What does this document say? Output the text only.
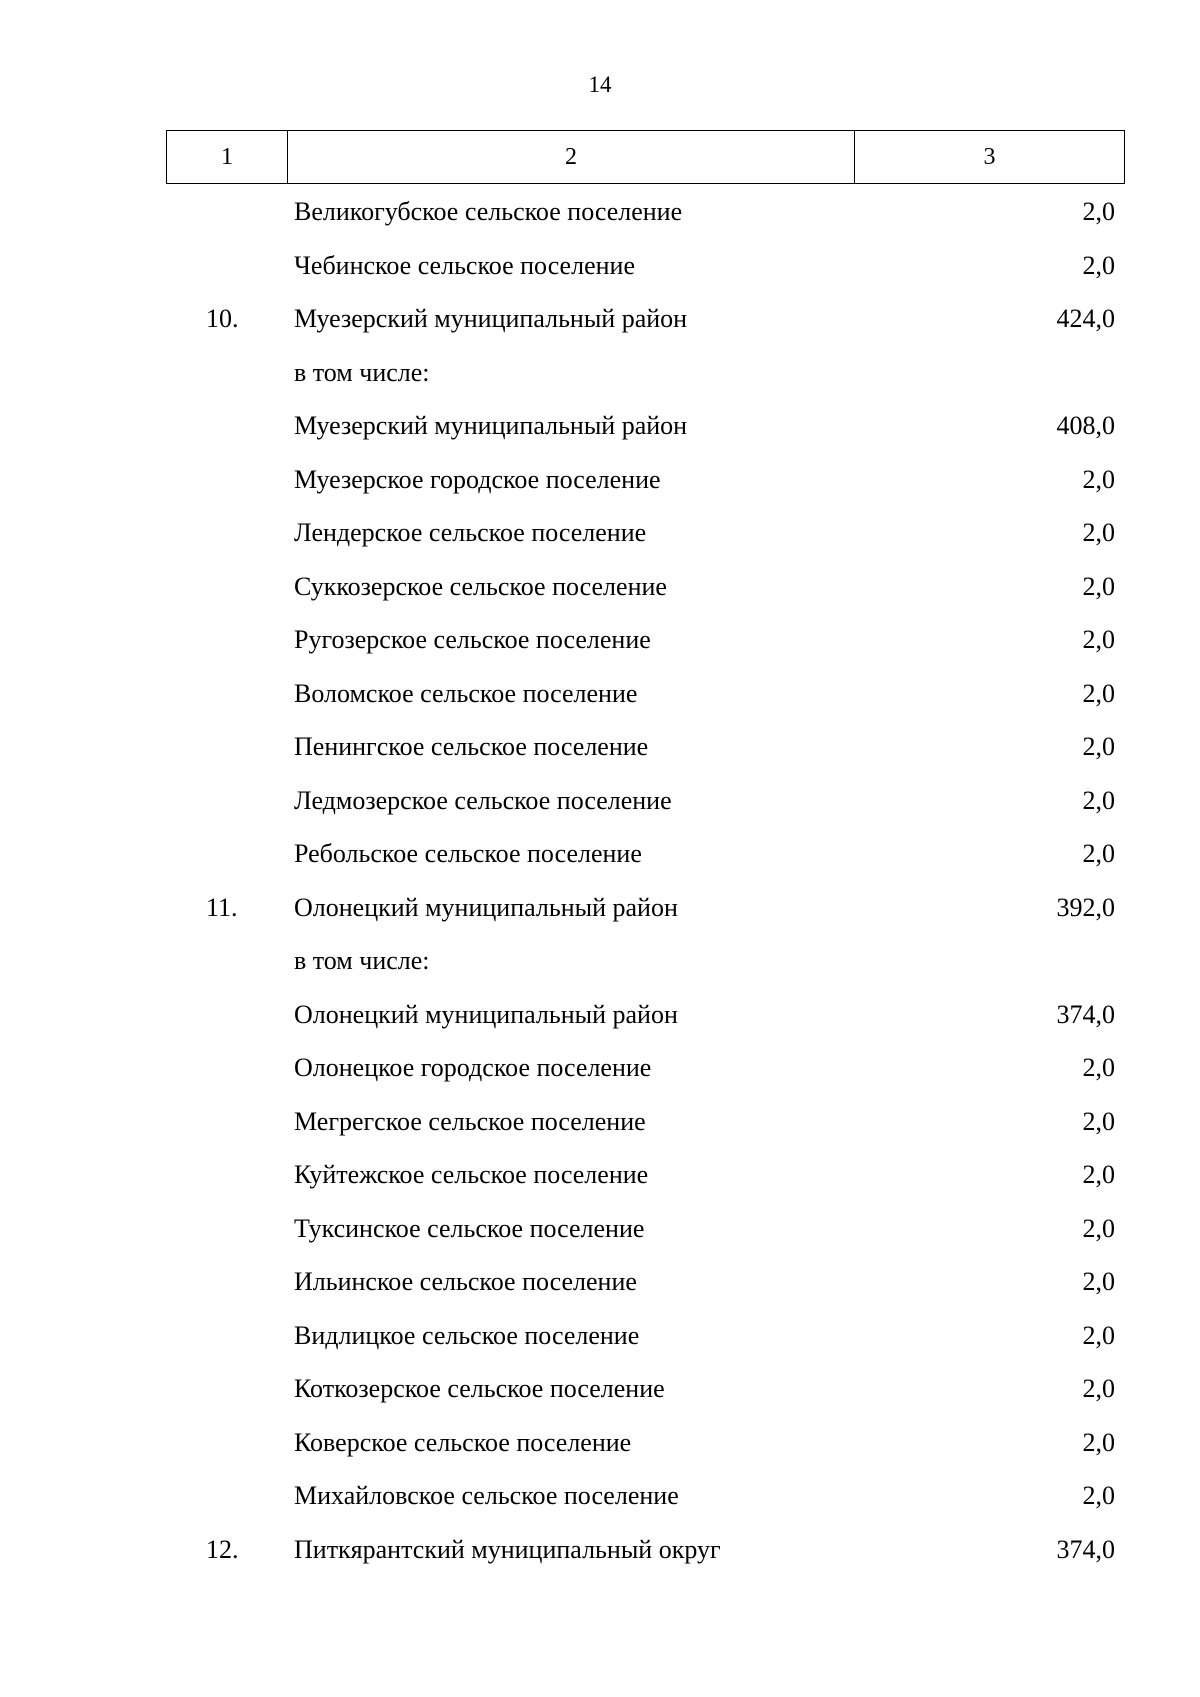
14
1	2	3
Великогубское сельское поселение	2,0
Чебинское сельское поселение	2,0
10. Муезерский муниципальный район	424,0
в том числе:
Муезерский муниципальный район	408,0
Муезерское городское поселение	2,0
Лендерское сельское поселение	2,0
Суккозерское сельское поселение	2,0
Ругозерское сельское поселение	2,0
Воломское сельское поселение	2,0
Пенингское сельское поселение	2,0
Ледмозерское сельское поселение	2,0
Ребольское сельское поселение	2,0
11. Олонецкий муниципальный район	392,0
в том числе:
Олонецкий муниципальный район	374,0
Олонецкое городское поселение	2,0
Мегрегское сельское поселение	2,0
Куйтежское сельское поселение	2,0
Туксинское сельское поселение	2,0
Ильинское сельское поселение	2,0
Видлицкое сельское поселение	2,0
Коткозерское сельское поселение	2,0
Коверское сельское поселение	2,0
Михайловское сельское поселение	2,0
12. Питкярантский муниципальный округ	374,0
